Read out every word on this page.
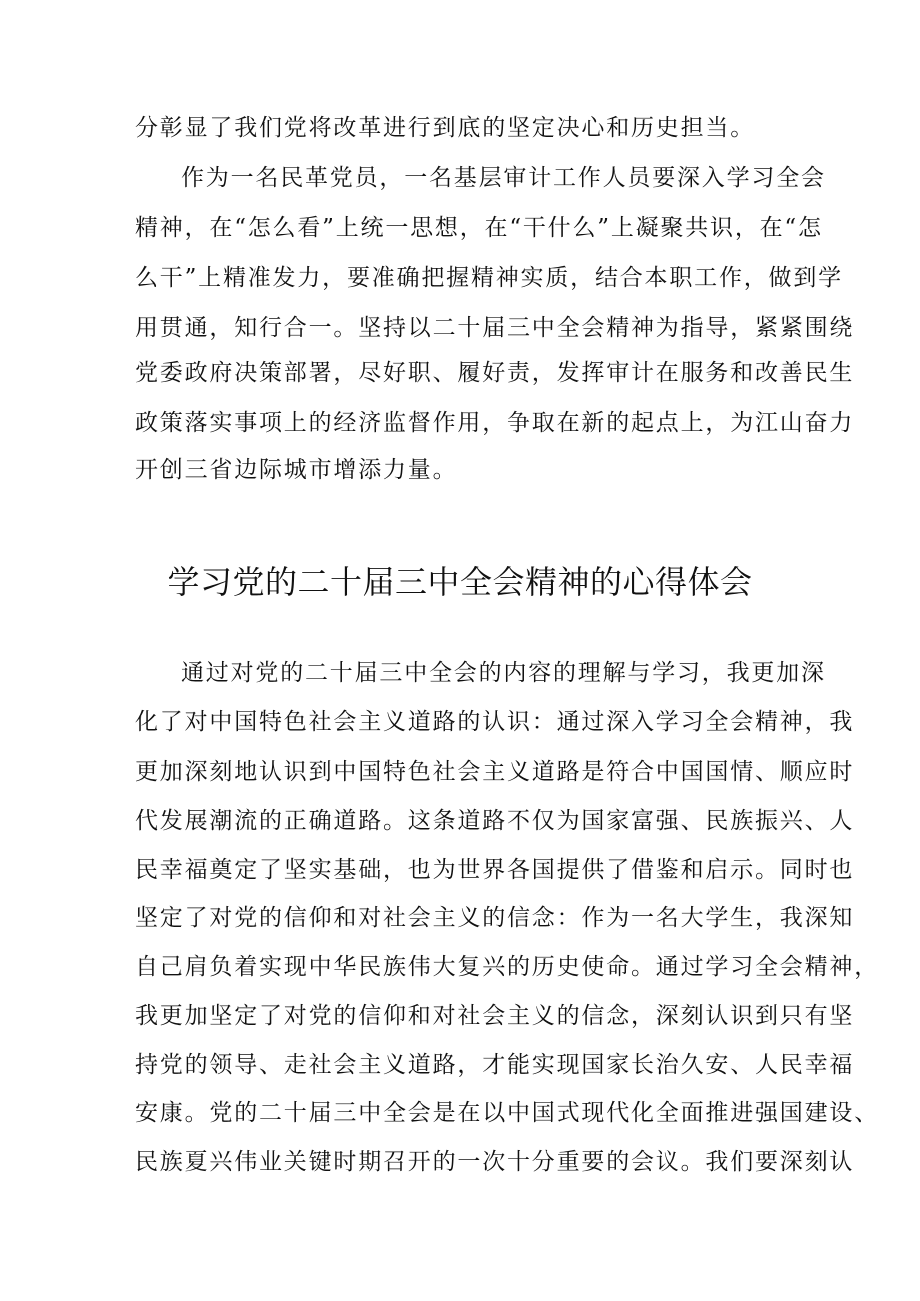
分彰显了我们党将改革进行到底的坚定决心和历史担当。
作为一名民革党员，一名基层审计工作人员要深入学习全会
精神，在“怎么看”上统一思想，在“干什么”上凝聚共识，在“怎
么干”上精准发力，要准确把握精神实质，结合本职工作，做到学
用贯通，知行合一。坚持以二十届三中全会精神为指导，紧紧围绕
党委政府决策部署，尽好职、履好责，发挥审计在服务和改善民生
政策落实事项上的经济监督作用，争取在新的起点上，为江山奋力
开创三省边际城市增添力量。
学习党的二十届三中全会精神的心得体会
通过对党的二十届三中全会的内容的理解与学习，我更加深
化了对中国特色社会主义道路的认识：通过深入学习全会精神，我
更加深刻地认识到中国特色社会主义道路是符合中国国情、顺应时
代发展潮流的正确道路。这条道路不仅为国家富强、民族振兴、人
民幸福奠定了坚实基础，也为世界各国提供了借鉴和启示。同时也
坚定了对党的信仰和对社会主义的信念：作为一名大学生，我深知
自己肩负着实现中华民族伟大复兴的历史使命。通过学习全会精神，
我更加坚定了对党的信仰和对社会主义的信念，深刻认识到只有坚
持党的领导、走社会主义道路，才能实现国家长治久安、人民幸福
安康。党的二十届三中全会是在以中国式现代化全面推进强国建设、
民族夏兴伟业关键时期召开的一次十分重要的会议。我们要深刻认
